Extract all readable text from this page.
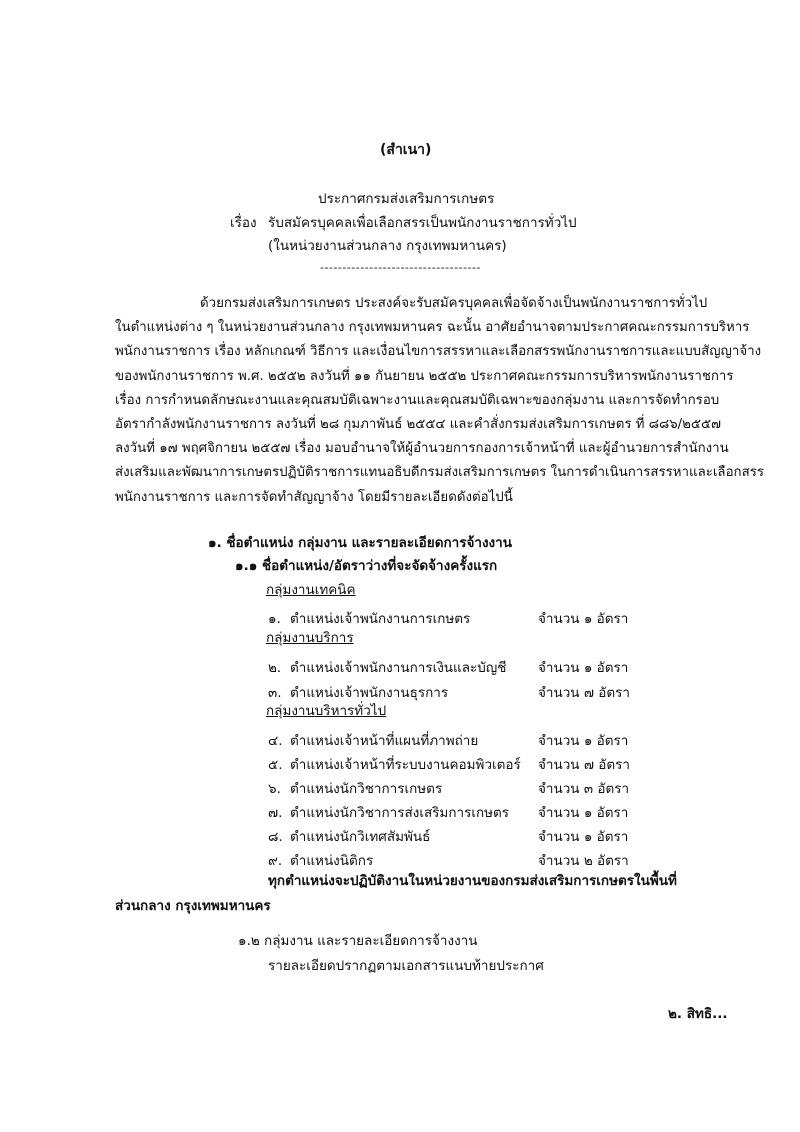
(สำเนา)
ประกาศกรมส่งเสริมการเกษตร
เรื่อง รับสมัครบุคคลเพื่อเลือกสรรเป็นพนักงานราชการทั่วไป
(ในหน่วยงานส่วนกลาง กรุงเทพมหานคร)
------------------------------------
ด้วยกรมส่งเสริมการเกษตร ประสงค์จะรับสมัครบุคคลเพื่อจัดจ้างเป็นพนักงานราชการทั่วไป
ในตำแหน่งต่าง ๆ ในหน่วยงานส่วนกลาง กรุงเทพมหานคร ฉะนั้น อาศัยอำนาจตามประกาศคณะกรรมการบริหาร
พนักงานราชการ เรื่อง หลักเกณฑ์ วิธีการ และเงื่อนไขการสรรหาและเลือกสรรพนักงานราชการและแบบสัญญาจ้าง
ของพนักงานราชการ พ.ศ. ๒๕๕๒ ลงวันที่ ๑๑ กันยายน ๒๕๕๒ ประกาศคณะกรรมการบริหารพนักงานราชการ
เรื่อง การกำหนดลักษณะงานและคุณสมบัติเฉพาะงานและคุณสมบัติเฉพาะของกลุ่มงาน และการจัดทำกรอบ
อัตรากำลังพนักงานราชการ ลงวันที่ ๒๘ กุมภาพันธ์ ๒๕๕๔ และคำสั่งกรมส่งเสริมการเกษตร ที่ ๘๘๖/๒๕๕๗
ลงวันที่ ๑๗ พฤศจิกายน ๒๕๕๗ เรื่อง มอบอำนาจให้ผู้อำนวยการกองการเจ้าหน้าที่ และผู้อำนวยการสำนักงาน
ส่งเสริมและพัฒนาการเกษตรปฏิบัติราชการแทนอธิบดีกรมส่งเสริมการเกษตร ในการดำเนินการสรรหาและเลือกสรร
พนักงานราชการ และการจัดทำสัญญาจ้าง โดยมีรายละเอียดดังต่อไปนี้
๑. ชื่อตำแหน่ง กลุ่มงาน และรายละเอียดการจ้างงาน
๑.๑ ชื่อตำแหน่ง/อัตราว่างที่จะจัดจ้างครั้งแรก
กลุ่มงานเทคนิค
๑. ตำแหน่งเจ้าพนักงานการเกษตร	จำนวน ๑ อัตรา
กลุ่มงานบริการ
๒. ตำแหน่งเจ้าพนักงานการเงินและบัญชี จำนวน ๑ อัตรา
๓. ตำแหน่งเจ้าพนักงานธุรการ	จำนวน ๗ อัตรา
กลุ่มงานบริหารทั่วไป
๔. ตำแหน่งเจ้าหน้าที่แผนที่ภาพถ่าย	จำนวน ๑ อัตรา
๕. ตำแหน่งเจ้าหน้าที่ระบบงานคอมพิวเตอร์ จำนวน ๗ อัตรา
๖. ตำแหน่งนักวิชาการเกษตร	จำนวน ๓ อัตรา
๗. ตำแหน่งนักวิชาการส่งเสริมการเกษตร จำนวน ๑ อัตรา
๘. ตำแหน่งนักวิเทศสัมพันธ์	จำนวน ๑ อัตรา
๙. ตำแหน่งนิติกร	จำนวน ๒ อัตรา
ทุกตำแหน่งจะปฏิบัติงานในหน่วยงานของกรมส่งเสริมการเกษตรในพื้นที่
ส่วนกลาง กรุงเทพมหานคร
๑.๒ กลุ่มงาน และรายละเอียดการจ้างงาน
รายละเอียดปรากฏตามเอกสารแนบท้ายประกาศ
๒. สิทธิ...
